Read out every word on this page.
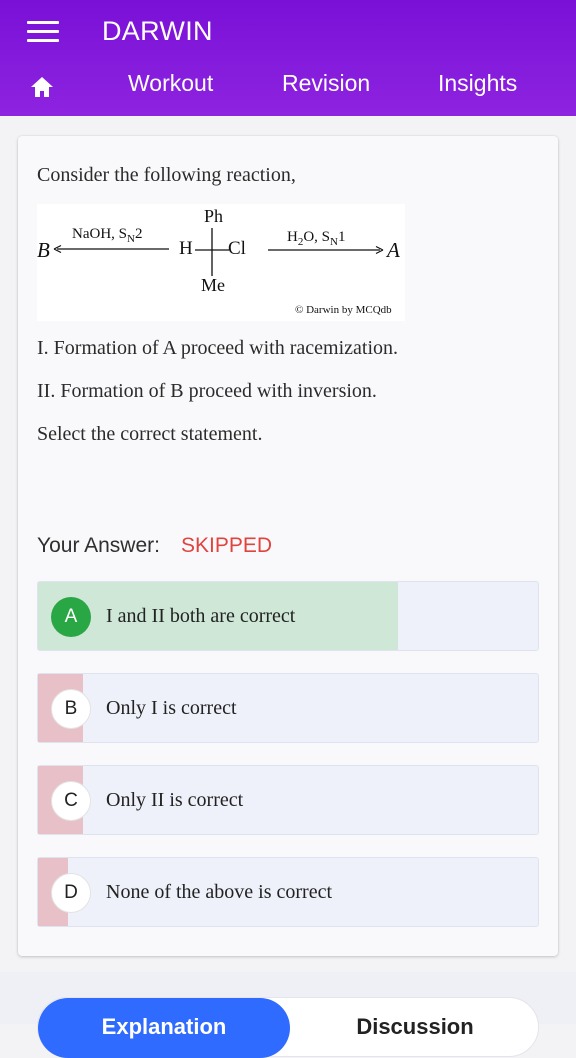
DARWIN
Workout	Revision	Insights
Consider the following reaction,
B
NaOH, $S_N2$
Ph
H Cl
Me
$H_2O$, $S_N1$
A
© Darwin by MCQdb
I. Formation of A proceed with racemization.
II. Formation of B proceed with inversion.
Select the correct statement.
Your Answer: SKIPPED
A	I and II both are correct
B	Only I is correct
C	Only II is correct
D	None of the above is correct
Explanation	Discussion
